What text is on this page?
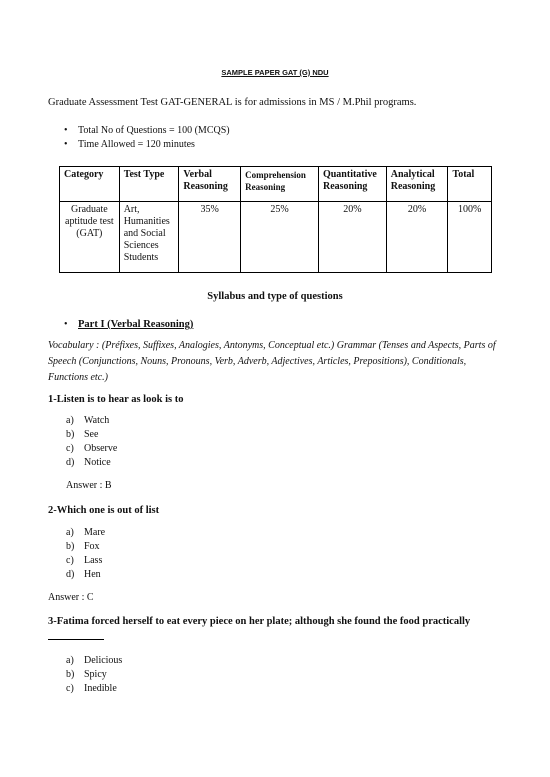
SAMPLE PAPER GAT (G) NDU
Graduate Assessment Test GAT-GENERAL is for admissions in MS / M.Phil programs.
• Total No of Questions = 100 (MCQS)
• Time Allowed = 120 minutes
Category	Test Type	Verbal Reasoning	Comprehension Reasoning	Quantitative Reasoning	Analytical Reasoning	Total
Graduate aptitude test (GAT)	Art, Humanities and Social Sciences Students	35%	25%	20%	20%	100%
Syllabus and type of questions
• Part I (Verbal Reasoning)
Vocabulary : (Préfixes, Suffixes, Analogies, Antonyms, Conceptual etc.) Grammar (Tenses and Aspects, Parts of Speech (Conjunctions, Nouns, Pronouns, Verb, Adverb, Adjectives, Articles, Prepositions), Conditionals, Functions etc.)
1-Listen is to hear as look is to
a) Watch
b) See
c) Observe
d) Notice
Answer : B
2-Which one is out of list
a) Mare
b) Fox
c) Lass
d) Hen
Answer : C
3-Fatima forced herself to eat every piece on her plate; although she found the food practically
a) Delicious
b) Spicy
c) Inedible
